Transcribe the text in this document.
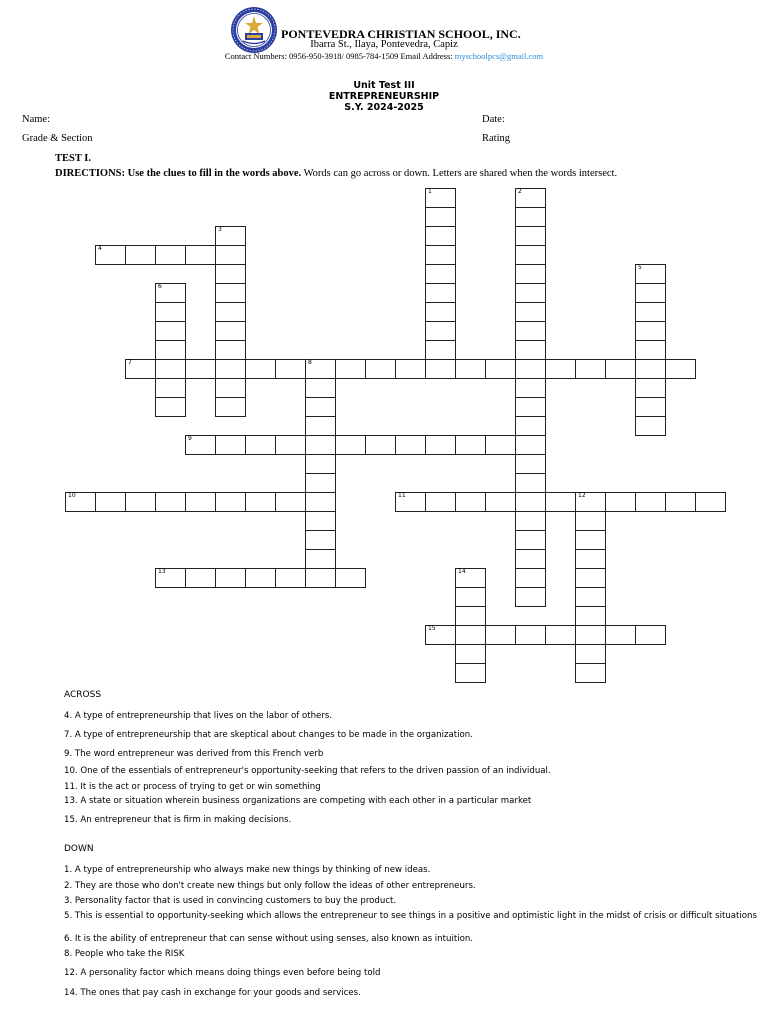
PONTEVEDRA CHRISTIAN SCHOOL, INC.
Ibarra St., Ilaya, Pontevedra, Capiz
Contact Numbers: 0956-950-3918/ 0985-784-1509 Email Address: myschoolpcs@gmail.com
Unit Test III
ENTREPRENEURSHIP
S.Y. 2024-2025
Name:	Date:
Grade & Section	Rating
TEST I.
DIRECTIONS: Use the clues to fill in the words above. Words can go across or down. Letters are shared when the words intersect.
1	2
3
4
5
6
7	8
9
10	11	12
13	14
15
ACROSS
4. A type of entrepreneurship that lives on the labor of others.
7. A type of entrepreneurship that are skeptical about changes to be made in the organization.
9. The word entrepreneur was derived from this French verb
10. One of the essentials of entrepreneur's opportunity-seeking that refers to the driven passion of an individual.
11. It is the act or process of trying to get or win something
13. A state or situation wherein business organizations are competing with each other in a particular market
15. An entrepreneur that is firm in making decisions.
DOWN
1. A type of entrepreneurship who always make new things by thinking of new ideas.
2. They are those who don't create new things but only follow the ideas of other entrepreneurs.
3. Personality factor that is used in convincing customers to buy the product.
5. This is essential to opportunity-seeking which allows the entrepreneur to see things in a positive and optimistic light in the midst of crisis or difficult situations
6. It is the ability of entrepreneur that can sense without using senses, also known as intuition.
8. People who take the RISK
12. A personality factor which means doing things even before being told
14. The ones that pay cash in exchange for your goods and services.
